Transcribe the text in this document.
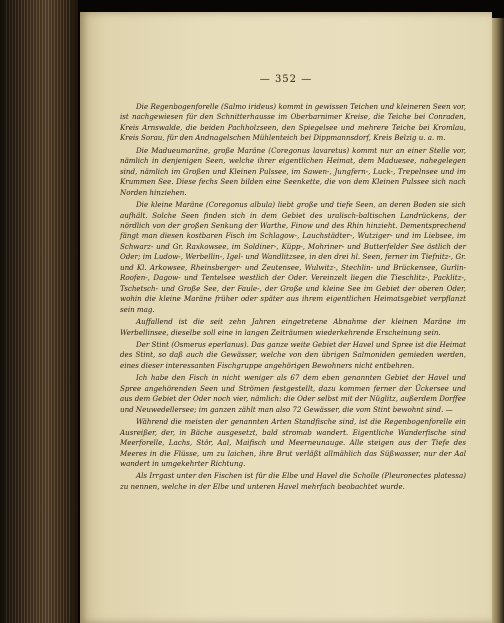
— 352 —

Die Regenbogenforelle (Salmo irideus) kommt in gewissen Teichen und kleineren Seen vor, ist nachgewiesen für den Schnitterhausse im Oberbarnimer Kreise, die Teiche bei Conraden, Kreis Arnswalde, die beiden Pachholzseen, den Spiegelsee und mehrere Teiche bei Kromlau, Kreis Sorau, für den Andnagelschen Mühlenteich bei Dippmannsdorf, Kreis Belzig u. a. m.

Die Madueumaräne, große Maräne (Coregonus lavaretus) kommt nur an einer Stelle vor, nämlich in denjenigen Seen, welche ihrer eigentlichen Heimat, dem Maduesee, nahegelegen sind, nämlich im Großen und Kleinen Pulssee, im Sawen-, Jungfern-, Luck-, Trepelnsee und im Krummen See. Diese fechs Seen bilden eine Seenkette, die von dem Kleinen Pulssee sich nach Norden hinziehen.

Die kleine Maräne (Coregonus albula) liebt große und tiefe Seen, an deren Boden sie sich aufhält. Solche Seen finden sich in dem Gebiet des uralisch-baltischen Landrückens, der nördlich von der großen Senkung der Warthe, Finow und des Rhin hinzieht. Dementsprechend fängt man diesen kostbaren Fisch im Schlagow-, Lauchstädter-, Wutziger- und im Liebsee, im Schwarz- und Gr. Raxkowsee, im Soldiner-, Küpp-, Mohriner- und Butterfelder See östlich der Oder; im Ludow-, Werbellin-, Igel- und Wandlitzsee, in den drei hl. Seen, ferner im Tiefnitz-, Gr. und Kl. Arkowsee, Rheinsberger- und Zeutensee, Wulwitz-, Stechlin- und Brückensee, Gurlin-Roofen-, Dagow- und Tentelsee westlich der Oder. Vereinzelt liegen die Tieschlitz-, Packlitz-, Tschetsch- und Große See, der Faule-, der Große und kleine See im Gebiet der oberen Oder, wohin die kleine Maräne früher oder später aus ihrem eigentlichen Heimatsgebiet verpflanzt sein mag.

Auffallend ist die seit zehn Jahren eingetretene Abnahme der kleinen Maräne im Werbellinsee, dieselbe soll eine in langen Zeiträumen wiederkehrende Erscheinung sein.

Der Stint (Osmerus eperlanus). Das ganze weite Gebiet der Havel und Spree ist die Heimat des Stint, so daß auch die Gewässer, welche von den übrigen Salmoniden gemieden werden, eines dieser interessanten Fischgruppe angehörigen Bewohners nicht entbehren.

Ich habe den Fisch in nicht weniger als 67 dem eben genannten Gebiet der Havel und Spree angehörenden Seen und Strömen festgestellt, dazu kommen ferner der Ückersee und aus dem Gebiet der Oder noch vier, nämlich: die Oder selbst mit der Nüglitz, außerdem Dorffee und Neuwedellersee; im ganzen zählt man also 72 Gewässer, die vom Stint bewohnt sind. —

Während die meisten der genannten Arten Standfische sind, ist die Regenbogenforelle ein Ausreißer, der, in Bäche ausgesetzt, bald stromab wandert. Eigentliche Wanderfische sind Meerforelle, Lachs, Stör, Aal, Maifisch und Meerneunauge. Alle steigen aus der Tiefe des Meeres in die Flüsse, um zu laichen, ihre Brut verläßt allmählich das Süßwasser, nur der Aal wandert in umgekehrter Richtung.

Als Irrgast unter den Fischen ist für die Elbe und Havel die Scholle (Pleuronectes platessa) zu nennen, welche in der Elbe und unteren Havel mehrfach beobachtet wurde.
